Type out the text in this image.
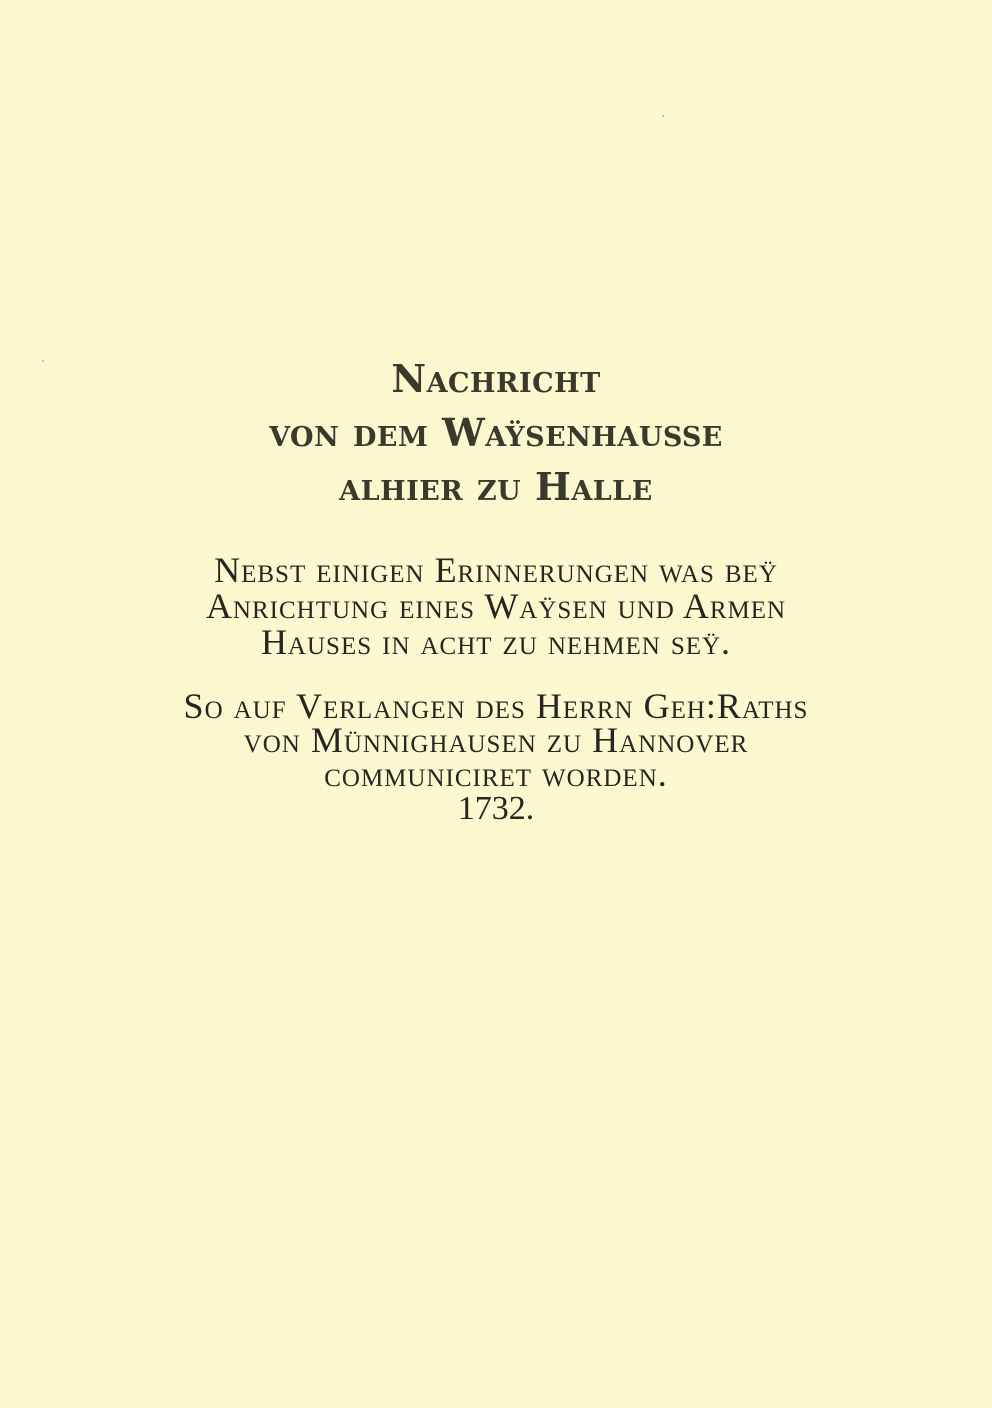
Nachricht
von dem Waÿsenhauße
alhier zu Halle
Nebst einigen Erinnerungen was beÿ
Anrichtung eines Waÿsen und Armen
Hauses in acht zu nehmen seÿ.
So auf Verlangen des Herrn Geh:Raths
von Münnighausen zu Hannover
communiciret worden.
1732.
